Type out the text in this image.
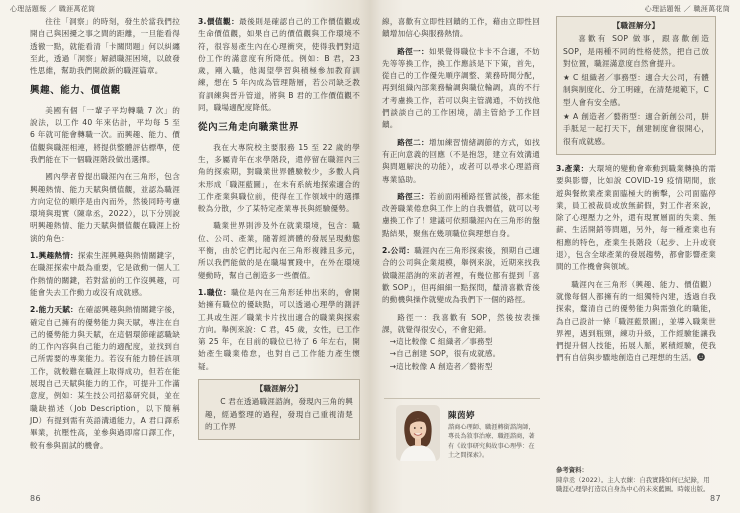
心理話題報 ／ 職涯萬花筒	心理話題報 ／ 職涯萬花筒

往往「洞察」的時刻，發生於當我們拉開自己與困擾之事之間的距離，一旦能看得透徹一點，就能看清「卡關問題」何以糾纏至此，透過「洞察」解鎖職涯困境，以啟發性思維，幫助我們開啟新的職涯篇章。

興趣、能力、價值觀

美國有個「一輩子平均轉職 7 次」的說法，以工作 40 年來估計，平均每 5 至 6 年就可能會轉職一次。而興趣、能力、價值觀與職涯相連，將提供整體評估標準，使我們能在下一個職涯階段做出選擇。

國內學者曾提出職涯內在三角形，包含興趣熱情、能力天賦與價值觀，並認為職涯方向定位的順序是由內而外，然後同時考慮環境與現實（陳韋丞，2022），以下分別說明興趣熱情、能力天賦與價值觀在職涯上扮演的角色：

1.興趣熱情：探索生涯興趣與熱情關鍵字，在職涯探索中最為重要，它是啟動一個人工作熱情的關鍵，若對當前的工作沒興趣，可能會失去工作動力或沒有成就感。

2.能力天賦：在確認興趣與熱情關鍵字後，確定自己擁有的優勢能力與天賦，專注在自己的優勢能力與天賦，在這個環節確認職缺的工作內容與自己能力的適配度，並找到自己所需要的專業能力。若沒有能力勝任該項工作，就較難在職涯上取得成功，但若在能展現自己天賦與能力的工作，可提升工作滿意度，例如：某生技公司招募研究員，並在職缺描述（Job Description，以下簡稱 JD）有提到需有英語溝通能力，A 君口譯系畢業，抗壓性高，並參與過即席口譯工作，較有參與面試的機會。

3.價值觀：最後則是確認自己的工作價值觀或生命價值觀，如果自己的價值觀與工作環境不符，很容易產生內在心理衝突，使得我們對這份工作的滿意度有所降低。例如：B 君，23 歲，剛入職，他渴望學習與積極參加教育訓練，想在 5 年內成為管理階層，若公司缺乏教育訓練與晉升管道，將與 B 君的工作價值觀不同，職場適配度降低。

從內三角走向職業世界

我在大專院校主要服務 15 至 22 歲的學生，多屬青年在求學階段，還停留在職涯內三角的探索期，對職業世界體驗較少，多數人尚未形成「職涯藍圖」，在未有系統地探索適合的工作產業與職位前，使得在工作領域中的選擇較為分散，少了某特定產業專長與經驗優勢。

職業世界則涉及外在就業環境，包含：職位、公司、產業，隨著經濟體的發展呈現動態平衡，由於它們比起內在三角形複雜且多元，所以我們能做的是在職場實踐中，在外在環境變動時，幫自己創造多一些價值。

1.職位：職位是內在三角形延伸出來的，會開始擁有職位的優缺點，可以透過心理學的測評工具或生涯／職業卡片找出適合的職業與探索方向。舉例來說：C 君，45 歲，女性，已工作第 25 年，在目前的職位已待了 6 年左右，開始產生職業倦怠，也對自己工作能力產生懷疑。

【職涯解分】

C 君在透過職涯諮詢，發現內三角的興趣，經過整理的過程，發現自己重視清楚的工作界

線，喜歡有立即性回饋的工作，藉由立即性回饋增加信心與服務熱情。

路徑一：如果覺得職位卡卡不合適，不妨先等等換工作，換工作應該是下下策，首先，從自己的工作優先順序調整、業務時間分配，再到組織內部業務輪調與職位輪調，真的不行才考慮換工作，若可以與主管溝通，不妨找他們談談自己的工作困境，請主管給予工作回饋。

路徑二：增加練習情緒調節的方式，如找有正向意義的回應（不是抱怨，建立有效溝通與問題解決的功能），或者可以尋求心理諮商專業協助。

路徑三：若前面兩種路徑嘗試後，都未能改善職業倦怠與工作上的自我價值，就可以考慮換工作了！建議可依照職涯內在三角形的盤點結果，聚焦在幾項職位與理想自身。

2.公司：職涯內在三角形探索後，預期自己適合的公司與企業規模，舉例來說，近期來找我做職涯諮詢的來訪者裡，有幾位都有提到「喜歡 SOP」，但再細細一點探問，釐清喜歡背後的動機與操作就變成為我們下一個的路徑。

路徑一：我喜歡有 SOP，然後按表操課，就覺得很安心，不會犯錯。

→這比較像 C 組織者／事務型

→自己創建 SOP，很有成就感。

→這比較像 A 創造者／藝術型

陳茵婷
諮商心理師、職涯轉銜諮詢師，專長為敘事治療、職涯諮商，著有《故事研究與故事心理學：在土之間探索》。
【職涯解分】

喜歡有 SOP 做事，跟喜歡創造 SOP，是兩種不同的性格使然，把自己放對位置，職涯滿意度自然會提升。

★ C 組織者／事務型：適合大公司，有體制與制度化、分工明確，在清楚規範下，C 型人會有安全感。

★ A 創造者／藝術型：適合新創公司，胼手胝足一起打天下，創建制度會很開心，很有成就感。

3.產業：大環境的變動會牽動到職業轉換的需要與影響，比如說 COVID-19 疫情期間，旅遊與餐飲業產業面臨極大的衝擊，公司面臨停業，員工被裁員或放無薪假，對工作者來說，除了心理壓力之外，還有現實層面的失業、無薪、生活開銷等問題，另外，每一種產業也有相應的特色，產業生長階段（起步、上升或衰退），包含全球產業的發展趨勢，都會影響產業間的工作機會與領域。

職涯內在三角形（興趣、能力、價值觀）就像每個人都擁有的一組獨特內建，透過自我探索，釐清自己的優勢能力與需強化的職能，為自己設計一條「職涯藍景圖」，並導入職業世界裡，遇到瓶頸，練功升級，工作經驗能讓我們提升個人技能，拓展人脈，累積經驗，使我們有自信與步驟地創造自己理想的生活。

參考資料：
陳韋丞（2022）。主人衣練：自我實踐如何已紀錄，用職涯心理學打造以自身為中心的未來藍圖。時報出版。
86	87
